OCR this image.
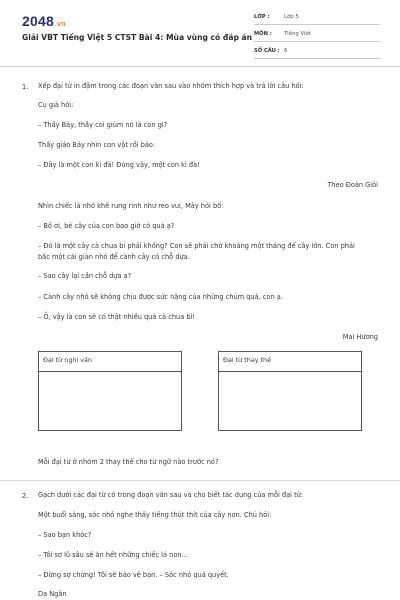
2048.vn
Giải VBT Tiếng Việt 5 CTST Bài 4: Mùa vùng có đáp án
LỚP :	Lớp 5
MÔN : Tiếng Việt
SỐ CÂU : 6
1. Xếp đại từ in đậm trong các đoạn văn sau vào nhóm thích hợp và trả lời câu hỏi:
Cụ già hỏi:
– Thầy Bảy, thầy coi giùm nó là con gì?
Thầy giáo Bảy nhìn con vật rồi bảo:
– Đây là một con kì đà! Đúng vậy, một con kì đà!
Theo Đoàn Giỏi
Nhìn chiếc lá nhỏ khẽ rung rinh như reo vui, Mây hỏi bố:
– Bố ơi, bé cây của con bao giờ có quả ạ?
– Đó là một cây cà chua bi phải không? Con sẽ phải chờ khoảng một tháng để cây lớn. Con phải
bắc một cái giàn nhỏ để cành cây có chỗ dựa.
– Sao cây lại cần chỗ dựa ạ?
– Cành cây nhỏ sẽ không chịu được sức nặng của những chùm quả, con ạ.
– Ồ, vậy là con sẽ có thật nhiều quả cà chua bi!
Mai Hương
Đại từ nghi vấn	Đại từ thay thế
Mỗi đại từ ở nhóm 2 thay thế cho từ ngữ nào trước nó?
2. Gạch dưới các đại từ có trong đoạn văn sau và cho biết tác dụng của mỗi đại từ:
Một buổi sáng, sóc nhỏ nghe thấy tiếng thút thít của cây non. Chú hỏi:
– Sao bạn khóc?
– Tôi sợ lũ sâu sẽ ăn hết những chiếc lá non...
– Đừng sợ chứng! Tôi sẽ bảo vệ bạn. – Sóc nhỏ quả quyết.
Dạ Ngân
